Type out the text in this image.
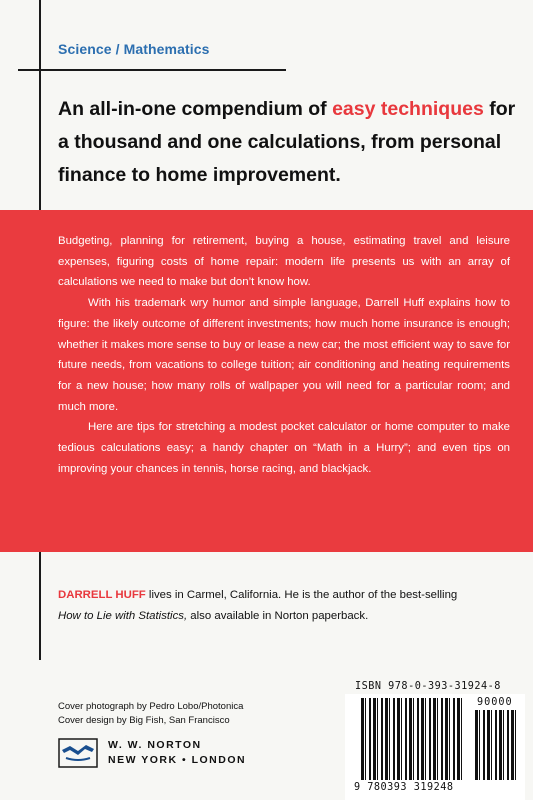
Science / Mathematics
An all-in-one compendium of easy techniques for a thousand and one calculations, from personal finance to home improvement.

Budgeting, planning for retirement, buying a house, estimating travel and leisure expenses, figuring costs of home repair: modern life presents us with an array of calculations we need to make but don’t know how.

With his trademark wry humor and simple language, Darrell Huff explains how to figure: the likely outcome of different investments; how much home insurance is enough; whether it makes more sense to buy or lease a new car; the most efficient way to save for future needs, from vacations to college tuition; air conditioning and heating requirements for a new house; how many rolls of wallpaper you will need for a particular room; and much more.

Here are tips for stretching a modest pocket calculator or home computer to make tedious calculations easy; a handy chapter on “Math in a Hurry”; and even tips on improving your chances in tennis, horse racing, and blackjack.

DARRELL HUFF lives in Carmel, California. He is the author of the best-selling
How to Lie with Statistics, also available in Norton paperback.
Cover photograph by Pedro Lobo/Photonica
Cover design by Big Fish, San Francisco
W. W. NORTON
NEW YORK • LONDON
ISBN 978-0-393-31924-8
90000
9 780393 319248
